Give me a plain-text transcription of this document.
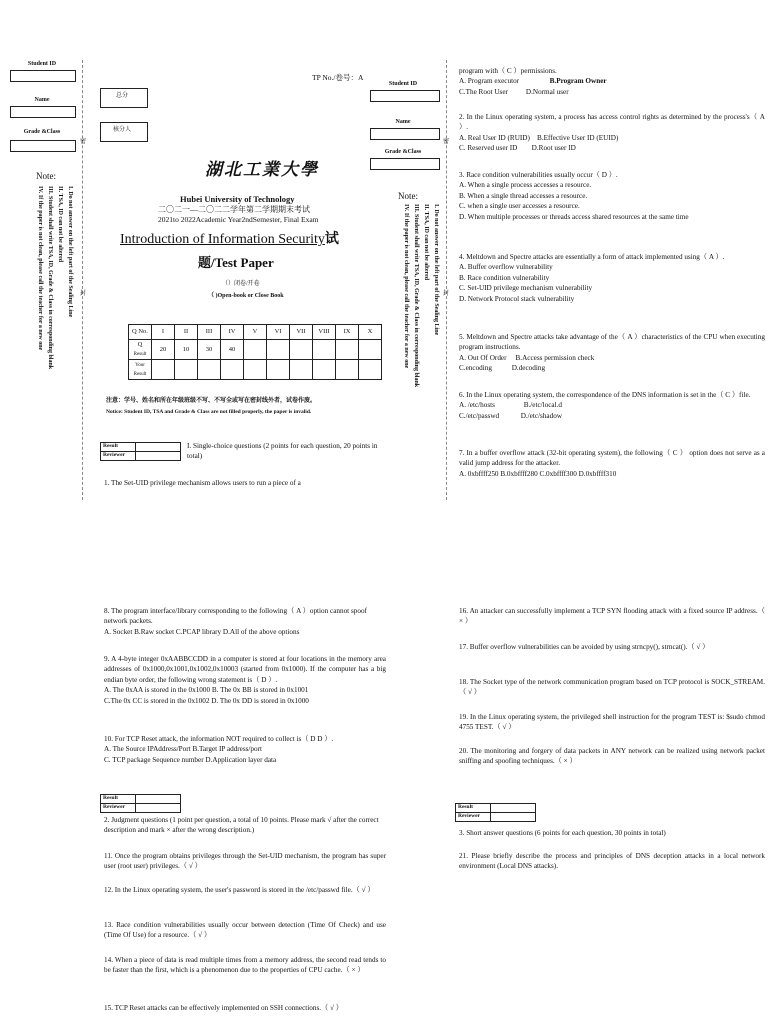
Student ID
Name
Grade &Class
Note:
I. Do not answer on the left part of the Sealing Line
II. TSA, ID can not be altered
III. Student shall write TSA, ID, Grade & Class in corresponding blank
IV. If the paper is not clean, please call the teacher for a new one
密
封
TP No./卷号：A
总分
核分人
湖北工業大學
Hubei University of Technology
二〇二一—二〇二二学年第二学期期末考试
2021to 2022Academic Year2ndSemester, Final Exam
Introduction of Information Security试
题/Test Paper
（）闭卷/开卷
（ )Open-book or Close Book
Q No.	I	II	III	IV	V	VI	VII	VIII	IX	X
Q
Result	20	10	30	40						
Your
Result										
注意：学号、姓名和所在年级班级不写、不写全或写在密封线外者，试卷作废。
Notice: Student ID, TSA and Grade & Class are not filled properly, the paper is invalid.
Result	
Reviewer	
I. Single-choice questions (2 points for each question, 20 points in total)
1. The Set-UID privilege mechanism allows users to run a piece of a
Student ID
Name
Grade &Class
Note:
I. Do not answer on the left part of the Sealing Line
II. TSA, ID can not be altered
III. Student shall write TSA, ID, Grade & Class in corresponding blank
IV. If the paper is not clean, please call the teacher for a new one
密
封

program with（ C ）permissions.

A. Program executor	B.Program Owner

C.The Root User D.Normal user

2. In the Linux operating system, a process has access control rights as determined by the process's（ A ）.

A. Real User ID (RUID) B.Effective User ID (EUID)

C. Reserved user ID D.Root user ID

3. Race condition vulnerabilities usually occur（ D ）.

A. When a single process accesses a resource.

B. When a single thread accesses a resource.

C. when a single user accesses a resource.

D. When multiple processes or threads access shared resources at the same time

4. Meltdown and Spectre attacks are essentially a form of attack implemented using（ A ）.

A. Buffer overflow vulnerability

B. Race condition vulnerability

C. Set-UID privilege mechanism vulnerability

D. Network Protocol stack vulnerability

5. Meltdown and Spectre attacks take advantage of the（ A ）characteristics of the CPU when executing program instructions.

A. Out Of Order B.Access permission check

C.encoding	D.decoding

6. In the Linux operating system, the correspondence of the DNS information is set in the（ C ）file.

A. /etc/hosts	B./etc/local.d

C./etc/passwd	D./etc/shadow

7. In a buffer overflow attack (32-bit operating system), the following（ C ） option does not serve as a valid jump address for the attacker.

A. 0xbffff250 B.0xbffff280 C.0xbffff300 D.0xbffff310

8. The program interface/library corresponding to the following（ A ）option cannot spoof network packets.

A. Socket B.Raw socket C.PCAP library D.All of the above options

9. A 4-byte integer 0xAABBCCDD in a computer is stored at four locations in the memory area addresses of 0x1000,0x1001,0x1002,0x10003 (started from 0x1000). If the computer has a big endian byte order, the following wrong statement is（ D ）.

A. The 0xAA is stored in the 0x1000 B. The 0x BB is stored in 0x1001

C.The 0x CC is stored in the 0x1002 D. The 0x DD is stored in 0x1000

10. For TCP Reset attack, the information NOT required to collect is（ D D ）.

A. The Source IPAddress/Port B.Target IP address/port

C. TCP package Sequence number D.Application layer data

Result	
Reviewer	
2. Judgment questions (1 point per question, a total of 10 points. Please mark √ after the correct description and mark × after the wrong description.)
11. Once the program obtains privileges through the Set-UID mechanism, the program has super user (root user) privileges.（ √ ）
12. In the Linux operating system, the user's password is stored in the /etc/passwd file.（ √ ）
13. Race condition vulnerabilities usually occur between detection (Time Of Check) and use (Time Of Use) for a resource.（ √ ）
14. When a piece of data is read multiple times from a memory address, the second read tends to be faster than the first, which is a phenomenon due to the properties of CPU cache.（ × ）
15. TCP Reset attacks can be effectively implemented on SSH connections.（ √ ）
16. An attacker can successfully implement a TCP SYN flooding attack with a fixed source IP address.（ × ）
17. Buffer overflow vulnerabilities can be avoided by using strncpy(), strncat().（ √ ）
18. The Socket type of the network communication program based on TCP protocol is SOCK_STREAM.（ √ ）
19. In the Linux operating system, the privileged shell instruction for the program TEST is: $sudo chmod 4755 TEST.（ √ ）
20. The monitoring and forgery of data packets in ANY network can be realized using network packet sniffing and spoofing techniques.（ × ）
Result	
Reviewer	
3. Short answer questions (6 points for each question, 30 points in total)
21. Please briefly describe the process and principles of DNS deception attacks in a local network environment (Local DNS attacks).
